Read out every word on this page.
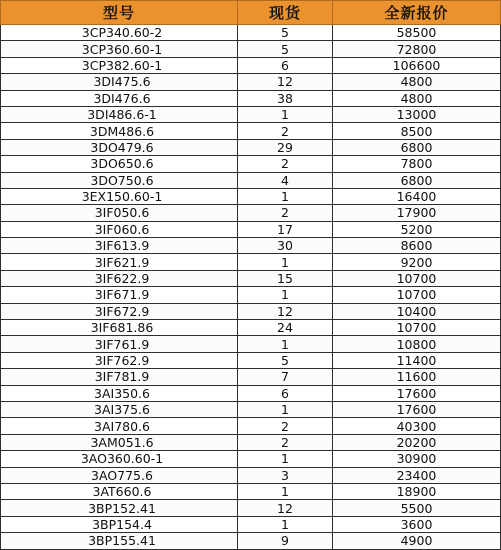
型号	现货	全新报价
3CP340.60-2	5	58500
3CP360.60-1	5	72800
3CP382.60-1	6	106600
3DI475.6	12	4800
3DI476.6	38	4800
3DI486.6-1	1	13000
3DM486.6	2	8500
3DO479.6	29	6800
3DO650.6	2	7800
3DO750.6	4	6800
3EX150.60-1	1	16400
3IF050.6	2	17900
3IF060.6	17	5200
3IF613.9	30	8600
3IF621.9	1	9200
3IF622.9	15	10700
3IF671.9	1	10700
3IF672.9	12	10400
3IF681.86	24	10700
3IF761.9	1	10800
3IF762.9	5	11400
3IF781.9	7	11600
3AI350.6	6	17600
3AI375.6	1	17600
3AI780.6	2	40300
3AM051.6	2	20200
3AO360.60-1	1	30900
3AO775.6	3	23400
3AT660.6	1	18900
3BP152.41	12	5500
3BP154.4	1	3600
3BP155.41	9	4900
